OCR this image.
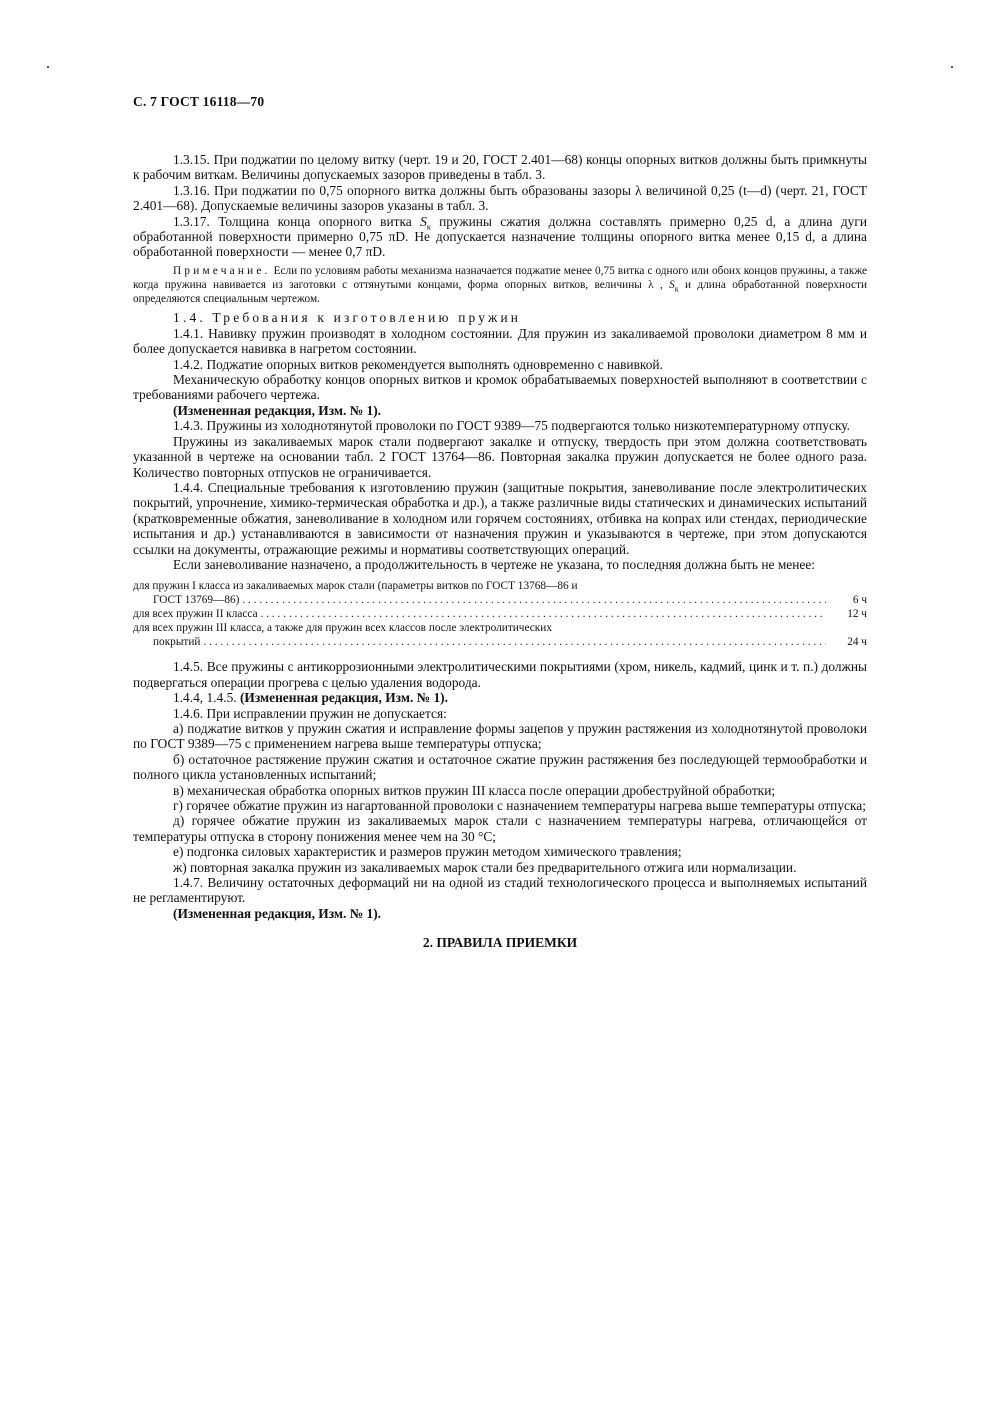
С. 7 ГОСТ 16118—70

1.3.15. При поджатии по целому витку (черт. 19 и 20, ГОСТ 2.401—68) концы опорных витков должны быть примкнуты к рабочим виткам. Величины допускаемых зазоров приведены в табл. 3.

1.3.16. При поджатии по 0,75 опорного витка должны быть образованы зазоры λ величиной 0,25 (t—d) (черт. 21, ГОСТ 2.401—68). Допускаемые величины зазоров указаны в табл. 3.

1.3.17. Толщина конца опорного витка $S_к$ пружины сжатия должна составлять примерно 0,25 d, а длина дуги обработанной поверхности примерно 0,75 πD. Не допускается назначение толщины опорного витка менее 0,15 d, а длина обработанной поверхности — менее 0,7 πD.

Примечание. Если по условиям работы механизма назначается поджатие менее 0,75 витка с одного или обоих концов пружины, а также когда пружина навивается из заготовки с оттянутыми концами, форма опорных витков, величины λ , $S_к$ и длина обработанной поверхности определяются специальным чертежом.

1.4. Требования к изготовлению пружин

1.4.1. Навивку пружин производят в холодном состоянии. Для пружин из закаливаемой проволоки диаметром 8 мм и более допускается навивка в нагретом состоянии.

1.4.2. Поджатие опорных витков рекомендуется выполнять одновременно с навивкой.

Механическую обработку концов опорных витков и кромок обрабатываемых поверхностей выполняют в соответствии с требованиями рабочего чертежа.

(Измененная редакция, Изм. № 1).

1.4.3. Пружины из холоднотянутой проволоки по ГОСТ 9389—75 подвергаются только низкотемпературному отпуску.

Пружины из закаливаемых марок стали подвергают закалке и отпуску, твердость при этом должна соответствовать указанной в чертеже на основании табл. 2 ГОСТ 13764—86. Повторная закалка пружин допускается не более одного раза. Количество повторных отпусков не ограничивается.

1.4.4. Специальные требования к изготовлению пружин (защитные покрытия, заневоливание после электролитических покрытий, упрочнение, химико-термическая обработка и др.), а также различные виды статических и динамических испытаний (кратковременные обжатия, заневоливание в холодном или горячем состояниях, отбивка на копрах или стендах, периодические испытания и др.) устанавливаются в зависимости от назначения пружин и указываются в чертеже, при этом допускаются ссылки на документы, отражающие режимы и нормативы соответствующих операций.

Если заневоливание назначено, а продолжительность в чертеже не указана, то последняя должна быть не менее:

для пружин I класса из закаливаемых марок стали (параметры витков по ГОСТ 13768—86 и

ГОСТ 13769—86) . . .	6 ч
для всех пружин II класса . . .	12 ч

для всех пружин III класса, а также для пружин всех классов после электролитических

покрытий . . .	24 ч

1.4.5. Все пружины с антикоррозионными электролитическими покрытиями (хром, никель, кадмий, цинк и т. п.) должны подвергаться операции прогрева с целью удаления водорода.

1.4.4, 1.4.5. (Измененная редакция, Изм. № 1).

1.4.6. При исправлении пружин не допускается:

а) поджатие витков у пружин сжатия и исправление формы зацепов у пружин растяжения из холоднотянутой проволоки по ГОСТ 9389—75 с применением нагрева выше температуры отпуска;

б) остаточное растяжение пружин сжатия и остаточное сжатие пружин растяжения без последующей термообработки и полного цикла установленных испытаний;

в) механическая обработка опорных витков пружин III класса после операции дробеструйной обработки;

г) горячее обжатие пружин из нагартованной проволоки с назначением температуры нагрева выше температуры отпуска;

д) горячее обжатие пружин из закаливаемых марок стали с назначением температуры нагрева, отличающейся от температуры отпуска в сторону понижения менее чем на 30 °С;

е) подгонка силовых характеристик и размеров пружин методом химического травления;

ж) повторная закалка пружин из закаливаемых марок стали без предварительного отжига или нормализации.

1.4.7. Величину остаточных деформаций ни на одной из стадий технологического процесса и выполняемых испытаний не регламентируют.

(Измененная редакция, Изм. № 1).

2. ПРАВИЛА ПРИЕМКИ
